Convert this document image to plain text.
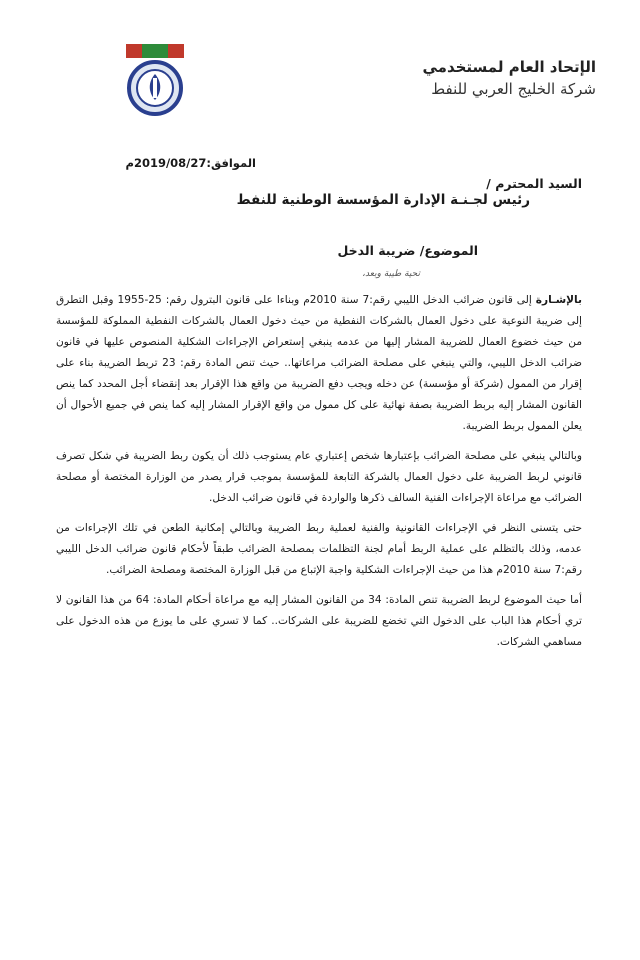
الإتحاد العام لمستخدمي
شركة الخليج العربي للنفط
الموافق:2019/08/27م
السيد المحترم /
رئيس لجـنـة الإدارة المؤسسة الوطنية للنفط
الموضوع/ ضريبة الدخل
تحية طيبة وبعد،

بالإشـارة إلى قانون ضرائب الدخل الليبي رقم:7 سنة 2010م وبناءا على قانون البترول رقم: 25-1955 وقبل التطرق إلى ضريبة النوعية على دخول العمال بالشركات النفطية من حيث دخول العمال بالشركات النفطية المملوكة للمؤسسة من حيث خضوع العمال للضريبة المشار إليها من عدمه ينبغي إستعراض الإجراءات الشكلية المنصوص عليها في قانون ضرائب الدخل الليبي، والتي ينبغي على مصلحة الضرائب مراعاتها.. حيث تنص المادة رقم: 23 تربط الضريبة بناء على إقرار من الممول (شركة أو مؤسسة) عن دخله ويجب دفع الضريبة من واقع هذا الإقرار بعد إنقضاء أجل المحدد كما ينص القانون المشار إليه بربط الضريبة بصفة نهائية على كل ممول من واقع الإقرار المشار إليه كما ينص في جميع الأحوال أن يعلن الممول بربط الضريبة.

وبالتالي ينبغي على مصلحة الضرائب بإعتبارها شخص إعتباري عام يستوجب ذلك أن يكون ربط الضريبة في شكل تصرف قانوني لربط الضريبة على دخول العمال بالشركة التابعة للمؤسسة بموجب قرار يصدر من الوزارة المختصة أو مصلحة الضرائب مع مراعاة الإجراءات الفنية السالف ذكرها والواردة في قانون ضرائب الدخل.

حتى يتسنى النظر في الإجراءات القانونية والفنية لعملية ربط الضريبة وبالتالي إمكانية الطعن في تلك الإجراءات من عدمه، وذلك بالتظلم على عملية الربط أمام لجنة التظلمات بمصلحة الضرائب طبقاً لأحكام قانون ضرائب الدخل الليبي رقم:7 سنة 2010م هذا من حيث الإجراءات الشكلية واجبة الإتباع من قبل الوزارة المختصة ومصلحة الضرائب.

أما حيث الموضوع لربط الضريبة تنص المادة: 34 من القانون المشار إليه مع مراعاة أحكام المادة: 64 من هذا القانون لا تري أحكام هذا الباب على الدخول التي تخضع للضريبة على الشركات.. كما لا تسري على ما يوزع من هذه الدخول على مساهمي الشركات.
